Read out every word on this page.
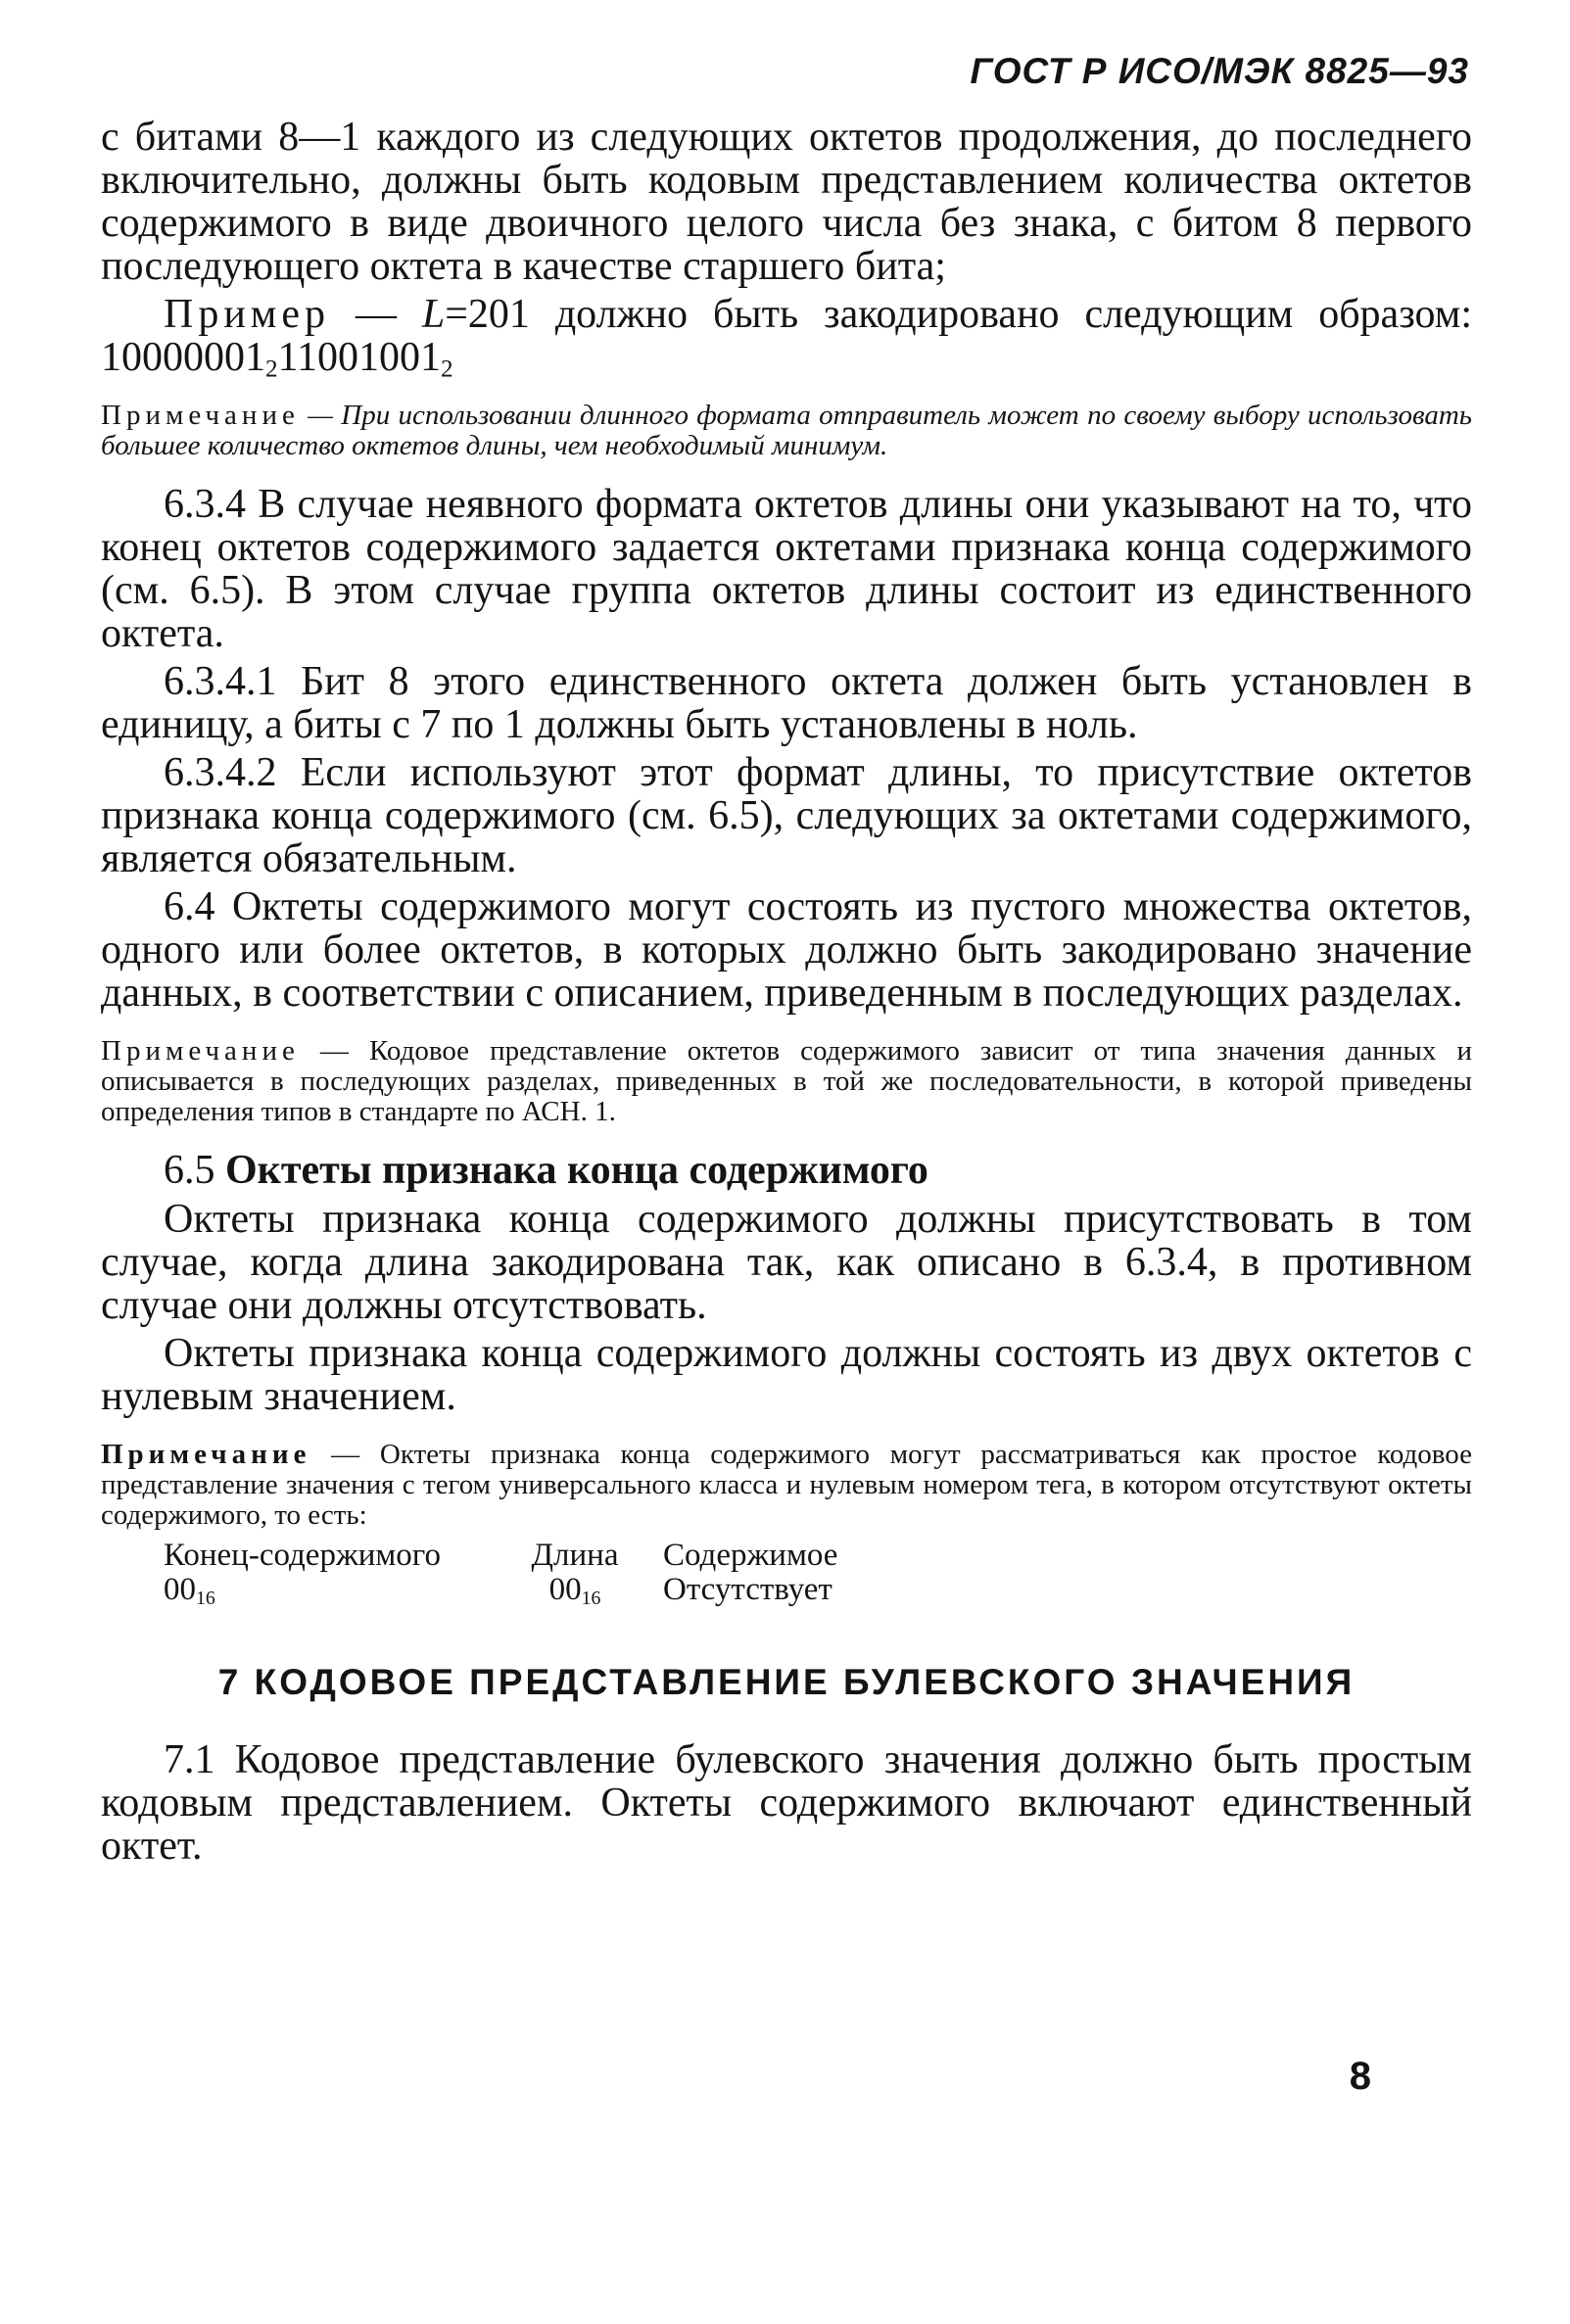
ГОСТ Р ИСО/МЭК 8825—93

с битами 8—1 каждого из следующих октетов продолжения, до последнего включительно, должны быть кодовым представлением количества октетов содержимого в виде двоичного целого числа без знака, с битом 8 первого последующего октета в качестве старшего бита;

Пример — L=201 должно быть закодировано следующим образом: $10000001_211001001_2$

Примечание — При использовании длинного формата отправитель может по своему выбору использовать большее количество октетов длины, чем необходимый минимум.

6.3.4 В случае неявного формата октетов длины они указывают на то, что конец октетов содержимого задается октетами признака конца содержимого (см. 6.5). В этом случае группа октетов длины состоит из единственного октета.

6.3.4.1 Бит 8 этого единственного октета должен быть установлен в единицу, а биты с 7 по 1 должны быть установлены в ноль.

6.3.4.2 Если используют этот формат длины, то присутствие октетов признака конца содержимого (см. 6.5), следующих за октетами содержимого, является обязательным.

6.4 Октеты содержимого могут состоять из пустого множества октетов, одного или более октетов, в которых должно быть закодировано значение данных, в соответствии с описанием, приведенным в последующих разделах.

Примечание — Кодовое представление октетов содержимого зависит от типа значения данных и описывается в последующих разделах, приведенных в той же последовательности, в которой приведены определения типов в стандарте по АСН. 1.

6.5 Октеты признака конца содержимого

Октеты признака конца содержимого должны присутствовать в том случае, когда длина закодирована так, как описано в 6.3.4, в противном случае они должны отсутствовать.

Октеты признака конца содержимого должны состоять из двух октетов с нулевым значением.

Примечание — Октеты признака конца содержимого могут рассматриваться как простое кодовое представление значения с тегом универсального класса и нулевым номером тега, в котором отсутствуют октеты содержимого, то есть:

Конец-содержимого	Длина	Содержимое
$00_{16}$	$00_{16}$	Отсутствует
7 КОДОВОЕ ПРЕДСТАВЛЕНИЕ БУЛЕВСКОГО ЗНАЧЕНИЯ

7.1 Кодовое представление булевского значения должно быть простым кодовым представлением. Октеты содержимого включают единственный октет.

8
